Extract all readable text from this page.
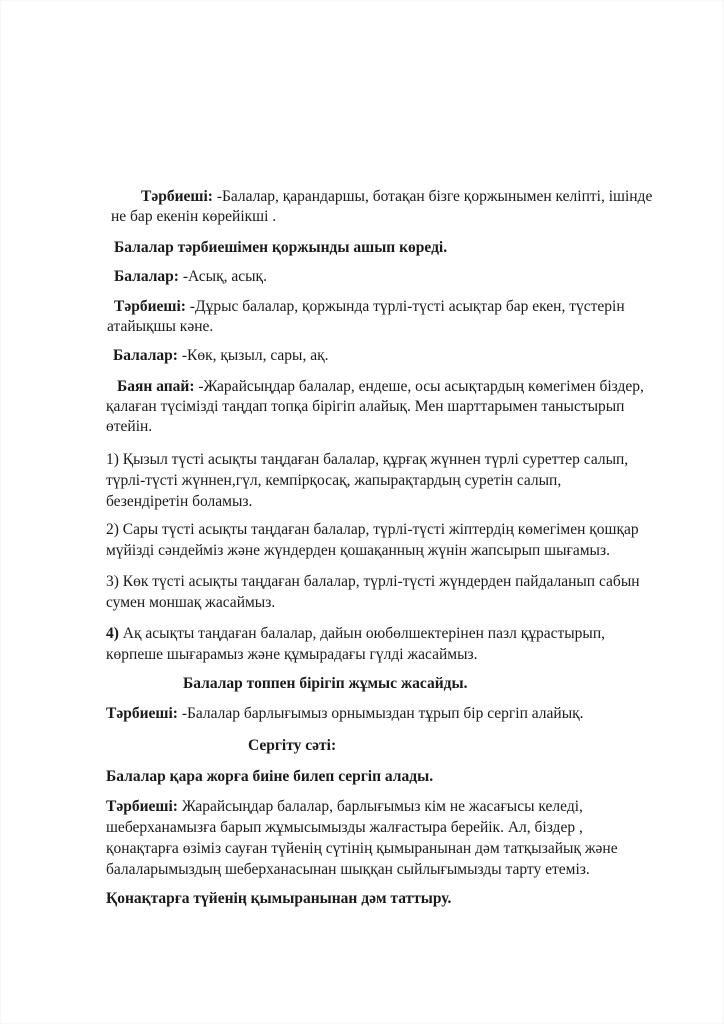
Тәрбиеші: -Балалар, қарандаршы, ботақан бізге қоржынымен келіпті, ішінде
не бар екенін көрейікші .
Балалар тәрбиешімен қоржынды ашып көреді.
Балалар: -Асық, асық.
Тәрбиеші: -Дұрыс балалар, қоржында түрлі-түсті асықтар бар екен, түстерін
атайықшы кәне.
Балалар: -Көк, қызыл, сары, ақ.
Баян апай: -Жарайсыңдар балалар, ендеше, осы асықтардың көмегімен біздер,
қалаған түсімізді таңдап топқа бірігіп алайық. Мен шарттарымен таныстырып
өтейін.
1) Қызыл түсті асықты таңдаған балалар, құрғақ жүннен түрлі суреттер салып,
түрлі-түсті жүннен,гүл, кемпірқосақ, жапырақтардың суретін салып,
безендіретін боламыз.
2) Сары түсті асықты таңдаған балалар, түрлі-түсті жіптердің көмегімен қошқар
мүйізді сәндейміз және жүндерден қошақанның жүнін жапсырып шығамыз.
3) Көк түсті асықты таңдаған балалар, түрлі-түсті жүндерден пайдаланып сабын
сумен моншақ жасаймыз.
4) Ақ асықты таңдаған балалар, дайын оюбөлшектерінен пазл құрастырып,
көрпеше шығарамыз және құмырадағы гүлді жасаймыз.
Балалар топпен бірігіп жұмыс жасайды.
Тәрбиеші: -Балалар барлығымыз орнымыздан тұрып бір сергіп алайық.
Сергіту сәті:
Балалар қара жорға биіне билеп сергіп алады.
Тәрбиеші: Жарайсыңдар балалар, барлығымыз кім не жасағысы келеді,
шеберханамызға барып жұмысымызды жалғастыра берейік. Ал, біздер ,
қонақтарға өзіміз сауған түйенің сүтінің қымыранынан дәм татқызайық және
балаларымыздың шеберханасынан шыққан сыйлығымызды тарту етеміз.
Қонақтарға түйенің қымыранынан дәм таттыру.
